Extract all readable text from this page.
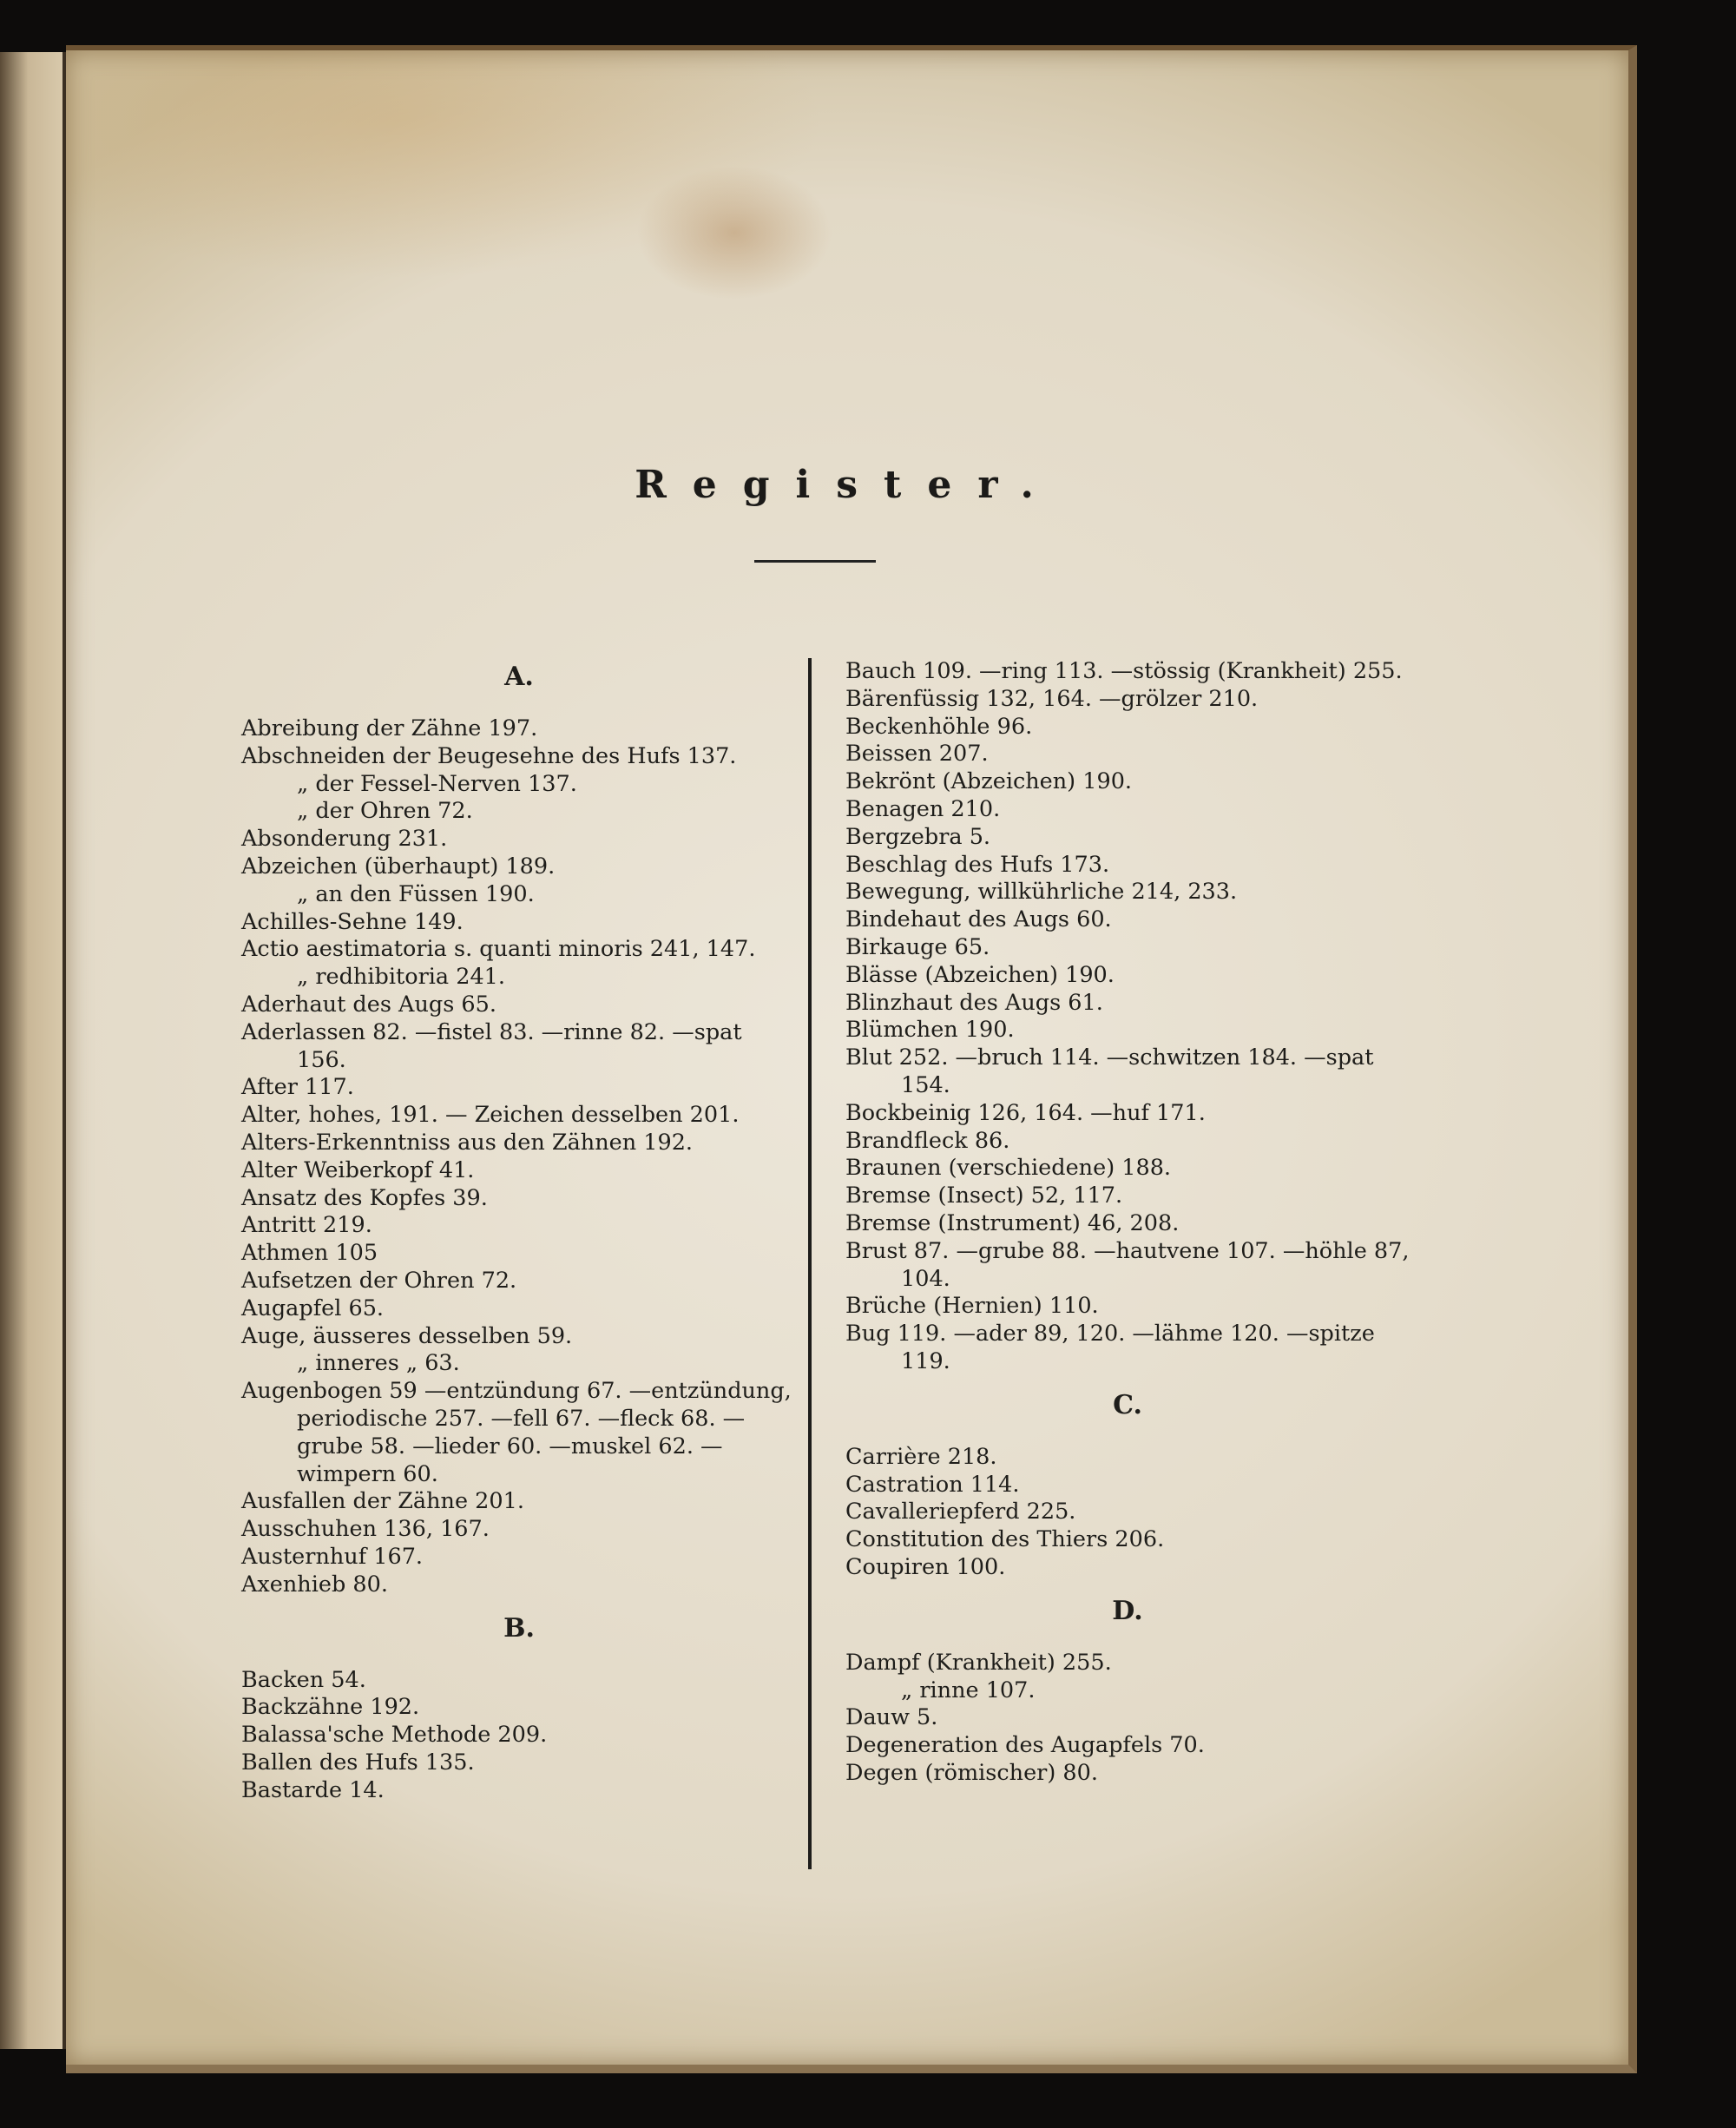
Register.
A.

Abreibung der Zähne 197.

Abschneiden der Beugesehne des Hufs 137.

„ der Fessel-Nerven 137.

„ der Ohren 72.

Absonderung 231.

Abzeichen (überhaupt) 189.

„ an den Füssen 190.

Achilles-Sehne 149.

Actio aestimatoria s. quanti minoris 241, 147.

„ redhibitoria 241.

Aderhaut des Augs 65.

Aderlassen 82. —fistel 83. —rinne 82. —spat 156.

After 117.

Alter, hohes, 191. — Zeichen desselben 201.

Alters-Erkenntniss aus den Zähnen 192.

Alter Weiberkopf 41.

Ansatz des Kopfes 39.

Antritt 219.

Athmen 105

Aufsetzen der Ohren 72.

Augapfel 65.

Auge, äusseres desselben 59.

„ inneres „ 63.

Augenbogen 59 —entzündung 67. —entzündung, periodische 257. —fell 67. —fleck 68. —grube 58. —lieder 60. —muskel 62. —wimpern 60.

Ausfallen der Zähne 201.

Ausschuhen 136, 167.

Austernhuf 167.

Axenhieb 80.

B.

Backen 54.

Backzähne 192.

Balassa'sche Methode 209.

Ballen des Hufs 135.

Bastarde 14.

Bauch 109. —ring 113. —stössig (Krankheit) 255.

Bärenfüssig 132, 164. —grölzer 210.

Beckenhöhle 96.

Beissen 207.

Bekrönt (Abzeichen) 190.

Benagen 210.

Bergzebra 5.

Beschlag des Hufs 173.

Bewegung, willkührliche 214, 233.

Bindehaut des Augs 60.

Birkauge 65.

Blässe (Abzeichen) 190.

Blinzhaut des Augs 61.

Blümchen 190.

Blut 252. —bruch 114. —schwitzen 184. —spat 154.

Bockbeinig 126, 164. —huf 171.

Brandfleck 86.

Braunen (verschiedene) 188.

Bremse (Insect) 52, 117.

Bremse (Instrument) 46, 208.

Brust 87. —grube 88. —hautvene 107. —höhle 87, 104.

Brüche (Hernien) 110.

Bug 119. —ader 89, 120. —lähme 120. —spitze 119.

C.

Carrière 218.

Castration 114.

Cavalleriepferd 225.

Constitution des Thiers 206.

Coupiren 100.

D.

Dampf (Krankheit) 255.

„ rinne 107.

Dauw 5.

Degeneration des Augapfels 70.

Degen (römischer) 80.
